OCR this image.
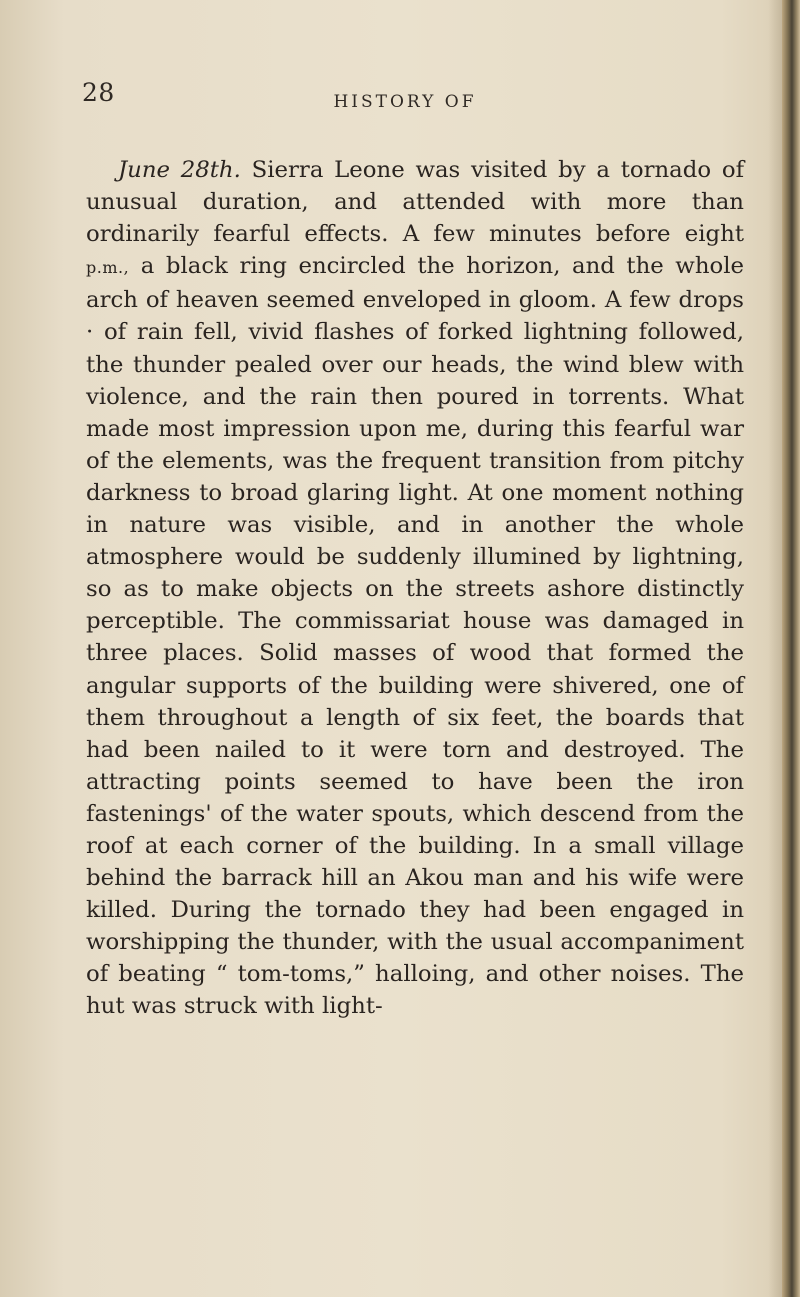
28	HISTORY OF

June 28th. Sierra Leone was visited by a tornado of unusual duration, and attended with more than ordinarily fearful effects. A few minutes before eight p.m., a black ring encircled the horizon, and the whole arch of heaven seemed enveloped in gloom. A few drops · of rain fell, vivid flashes of forked lightning followed, the thunder pealed over our heads, the wind blew with violence, and the rain then poured in torrents. What made most impression upon me, during this fearful war of the elements, was the frequent transition from pitchy darkness to broad glaring light. At one moment nothing in nature was visible, and in another the whole atmosphere would be suddenly illumined by lightning, so as to make objects on the streets ashore distinctly perceptible. The commissariat house was damaged in three places. Solid masses of wood that formed the angular supports of the building were shivered, one of them throughout a length of six feet, the boards that had been nailed to it were torn and destroyed. The attracting points seemed to have been the iron fastenings' of the water spouts, which descend from the roof at each corner of the building. In a small village behind the barrack hill an Akou man and his wife were killed. During the tornado they had been engaged in worshipping the thunder, with the usual accompaniment of beating “ tom-toms,” halloing, and other noises. The hut was struck with light-
